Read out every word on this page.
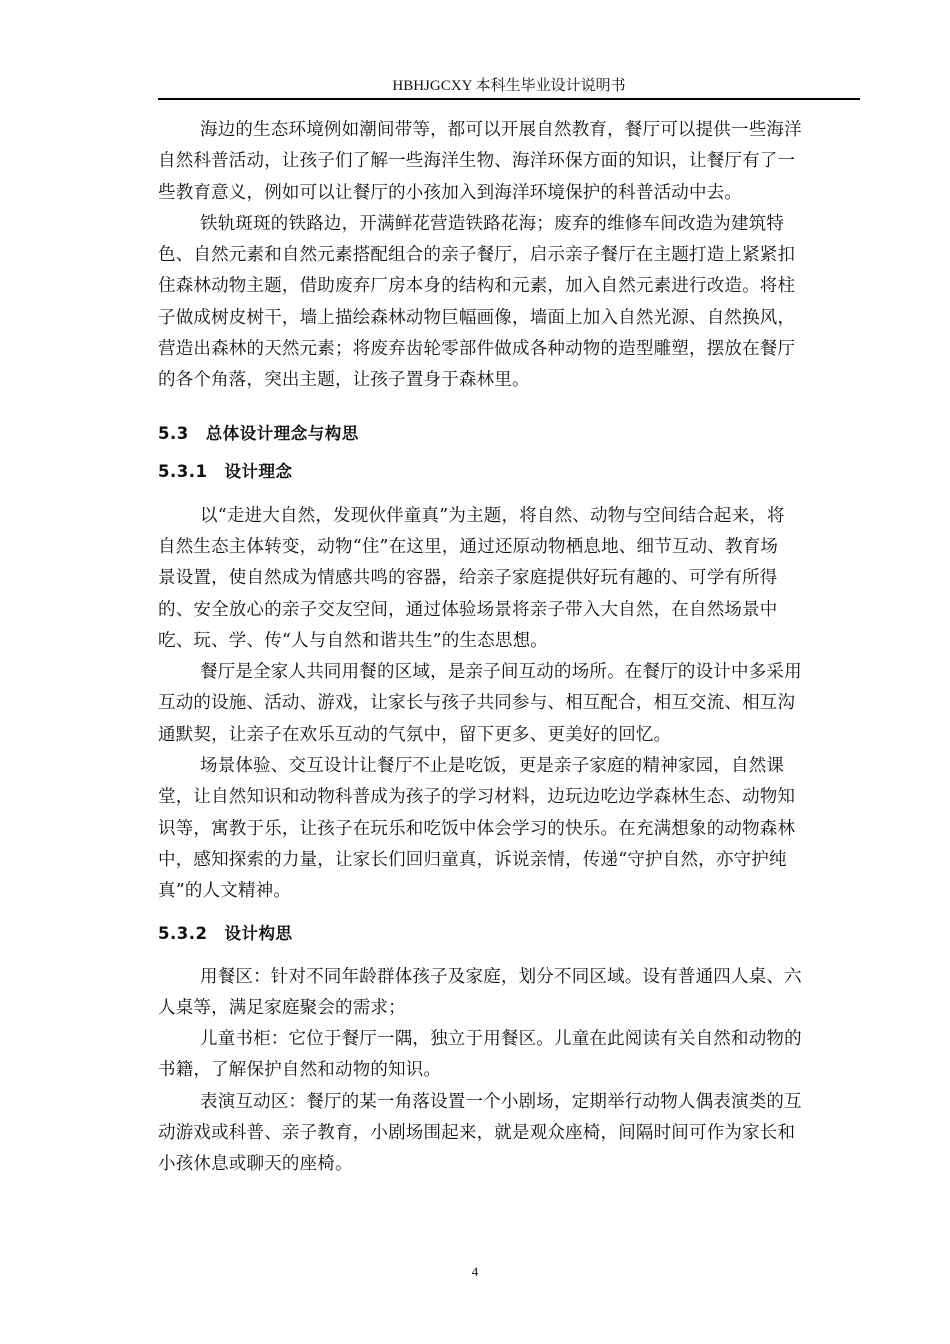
HBHJGCXY 本科生毕业设计说明书

海边的生态环境例如潮间带等，都可以开展自然教育，餐厅可以提供一些海洋
自然科普活动，让孩子们了解一些海洋生物、海洋环保方面的知识，让餐厅有了一
些教育意义，例如可以让餐厅的小孩加入到海洋环境保护的科普活动中去。

铁轨斑斑的铁路边，开满鲜花营造铁路花海；废弃的维修车间改造为建筑特
色、自然元素和自然元素搭配组合的亲子餐厅，启示亲子餐厅在主题打造上紧紧扣
住森林动物主题，借助废弃厂房本身的结构和元素，加入自然元素进行改造。将柱
子做成树皮树干，墙上描绘森林动物巨幅画像，墙面上加入自然光源、自然换风，
营造出森林的天然元素；将废弃齿轮零部件做成各种动物的造型雕塑，摆放在餐厅
的各个角落，突出主题，让孩子置身于森林里。

5.3　总体设计理念与构思
5.3.1　设计理念

以“走进大自然，发现伙伴童真”为主题，将自然、动物与空间结合起来，将
自然生态主体转变，动物“住”在这里，通过还原动物栖息地、细节互动、教育场
景设置，使自然成为情感共鸣的容器，给亲子家庭提供好玩有趣的、可学有所得
的、安全放心的亲子交友空间，通过体验场景将亲子带入大自然，在自然场景中
吃、玩、学、传“人与自然和谐共生”的生态思想。

餐厅是全家人共同用餐的区域，是亲子间互动的场所。在餐厅的设计中多采用
互动的设施、活动、游戏，让家长与孩子共同参与、相互配合，相互交流、相互沟
通默契，让亲子在欢乐互动的气氛中，留下更多、更美好的回忆。

场景体验、交互设计让餐厅不止是吃饭，更是亲子家庭的精神家园，自然课
堂，让自然知识和动物科普成为孩子的学习材料，边玩边吃边学森林生态、动物知
识等，寓教于乐，让孩子在玩乐和吃饭中体会学习的快乐。在充满想象的动物森林
中，感知探索的力量，让家长们回归童真，诉说亲情，传递“守护自然，亦守护纯
真”的人文精神。

5.3.2　设计构思

用餐区：针对不同年龄群体孩子及家庭，划分不同区域。设有普通四人桌、六
人桌等，满足家庭聚会的需求；

儿童书柜：它位于餐厅一隅，独立于用餐区。儿童在此阅读有关自然和动物的
书籍，了解保护自然和动物的知识。

表演互动区：餐厅的某一角落设置一个小剧场，定期举行动物人偶表演类的互
动游戏或科普、亲子教育，小剧场围起来，就是观众座椅，间隔时间可作为家长和
小孩休息或聊天的座椅。

4
